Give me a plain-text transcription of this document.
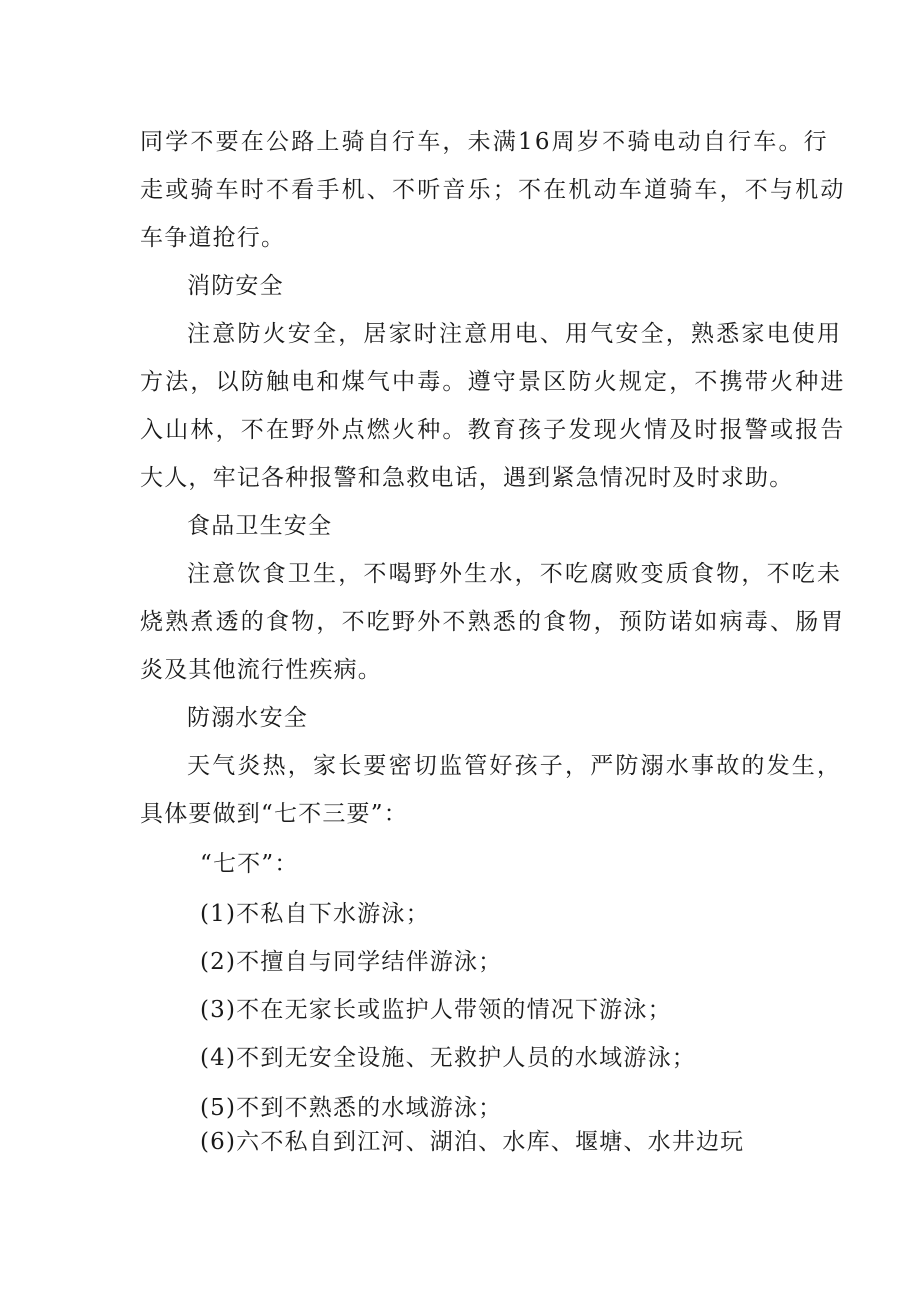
同学不要在公路上骑自行车，未满16周岁不骑电动自行车。行
走或骑车时不看手机、不听音乐；不在机动车道骑车，不与机动
车争道抢行。
消防安全
注意防火安全，居家时注意用电、用气安全，熟悉家电使用
方法，以防触电和煤气中毒。遵守景区防火规定，不携带火种进
入山林，不在野外点燃火种。教育孩子发现火情及时报警或报告
大人，牢记各种报警和急救电话，遇到紧急情况时及时求助。
食品卫生安全
注意饮食卫生，不喝野外生水，不吃腐败变质食物，不吃未
烧熟煮透的食物，不吃野外不熟悉的食物，预防诺如病毒、肠胃
炎及其他流行性疾病。
防溺水安全
天气炎热，家长要密切监管好孩子，严防溺水事故的发生，
具体要做到“七不三要”：
“七不”：
(1)不私自下水游泳；
(2)不擅自与同学结伴游泳；
(3)不在无家长或监护人带领的情况下游泳；
(4)不到无安全设施、无救护人员的水域游泳；
(5)不到不熟悉的水域游泳；
(6)六不私自到江河、湖泊、水库、堰塘、水井边玩
